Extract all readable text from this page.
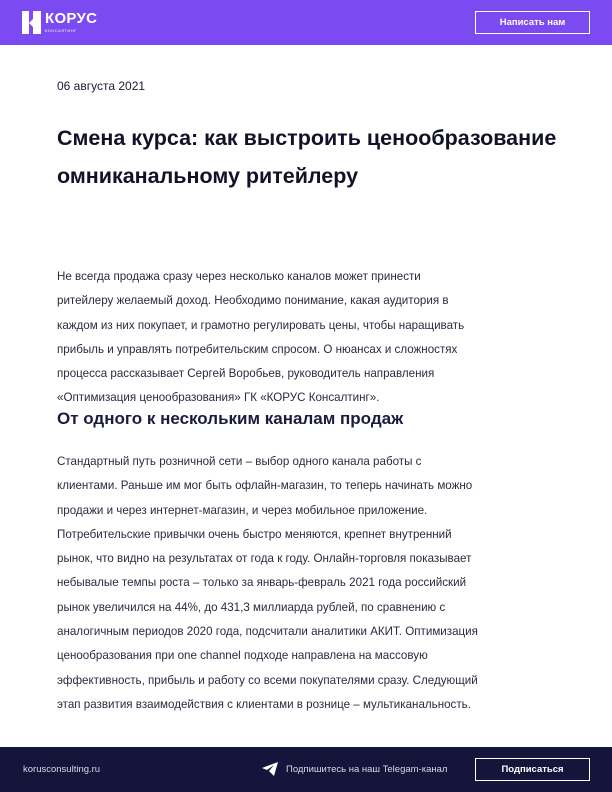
КОРУС
КОНСАЛТИНГ
Написать нам
06 августа 2021
Смена курса: как выстроить ценообразование омниканальному ритейлеру
Не всегда продажа сразу через несколько каналов может принести
ритейлеру желаемый доход. Необходимо понимание, какая аудитория в
каждом из них покупает, и грамотно регулировать цены, чтобы наращивать
прибыль и управлять потребительским спросом. О нюансах и сложностях
процесса рассказывает Сергей Воробьев, руководитель направления
«Оптимизация ценообразования» ГК «КОРУС Консалтинг».
От одного к нескольким каналам продаж
Стандартный путь розничной сети – выбор одного канала работы с
клиентами. Раньше им мог быть офлайн-магазин, то теперь начинать можно
продажи и через интернет-магазин, и через мобильное приложение.
Потребительские привычки очень быстро меняются, крепнет внутренний
рынок, что видно на результатах от года к году. Онлайн-торговля показывает
небывалые темпы роста – только за январь-февраль 2021 года российский
рынок увеличился на 44%, до 431,3 миллиарда рублей, по сравнению с
аналогичным периодов 2020 года, подсчитали аналитики АКИТ. Оптимизация
ценообразования при one channel подходе направлена на массовую
эффективность, прибыль и работу со всеми покупателями сразу. Следующий
этап развития взаимодействия с клиентами в рознице – мультиканальность.
korusconsulting.ru	Подпишитесь на наш Telegam-канал	Подписаться
